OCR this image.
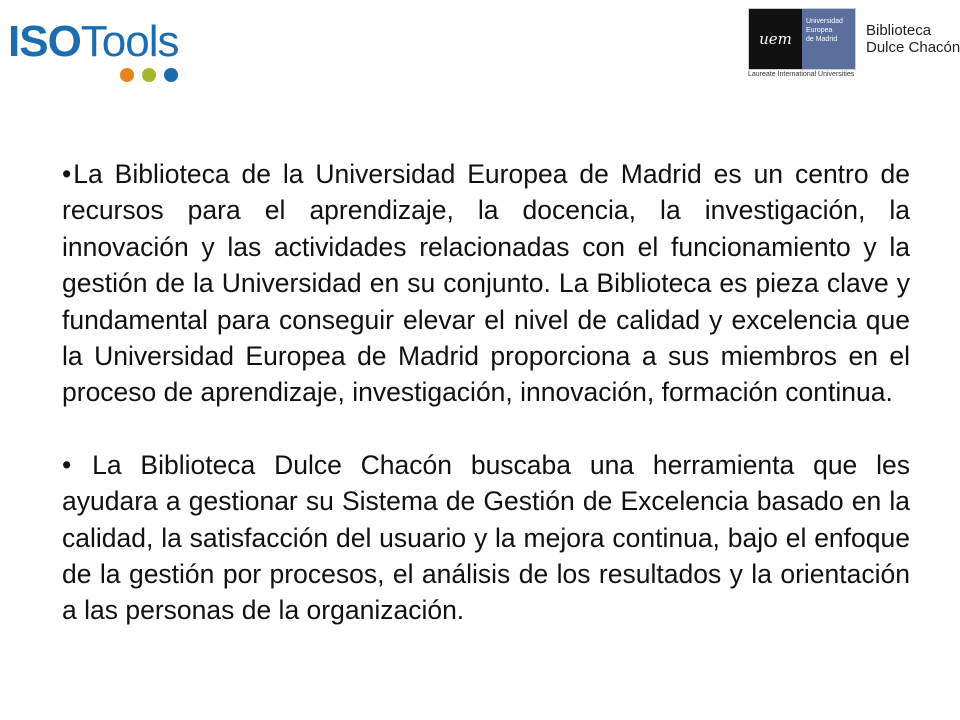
ISOTools	uem
Universidad
Europea
de Madrid
Laureate International Universities
Biblioteca
Dulce Chacón

•La Biblioteca de la Universidad Europea de Madrid es un centro de recursos para el aprendizaje, la docencia, la investigación, la innovación y las actividades relacionadas con el funcionamiento y la gestión de la Universidad en su conjunto. La Biblioteca es pieza clave y fundamental para conseguir elevar el nivel de calidad y excelencia que la Universidad Europea de Madrid proporciona a sus miembros en el proceso de aprendizaje, investigación, innovación, formación continua.

• La Biblioteca Dulce Chacón buscaba una herramienta que les ayudara a gestionar su Sistema de Gestión de Excelencia basado en la calidad, la satisfacción del usuario y la mejora continua, bajo el enfoque de la gestión por procesos, el análisis de los resultados y la orientación a las personas de la organización.
